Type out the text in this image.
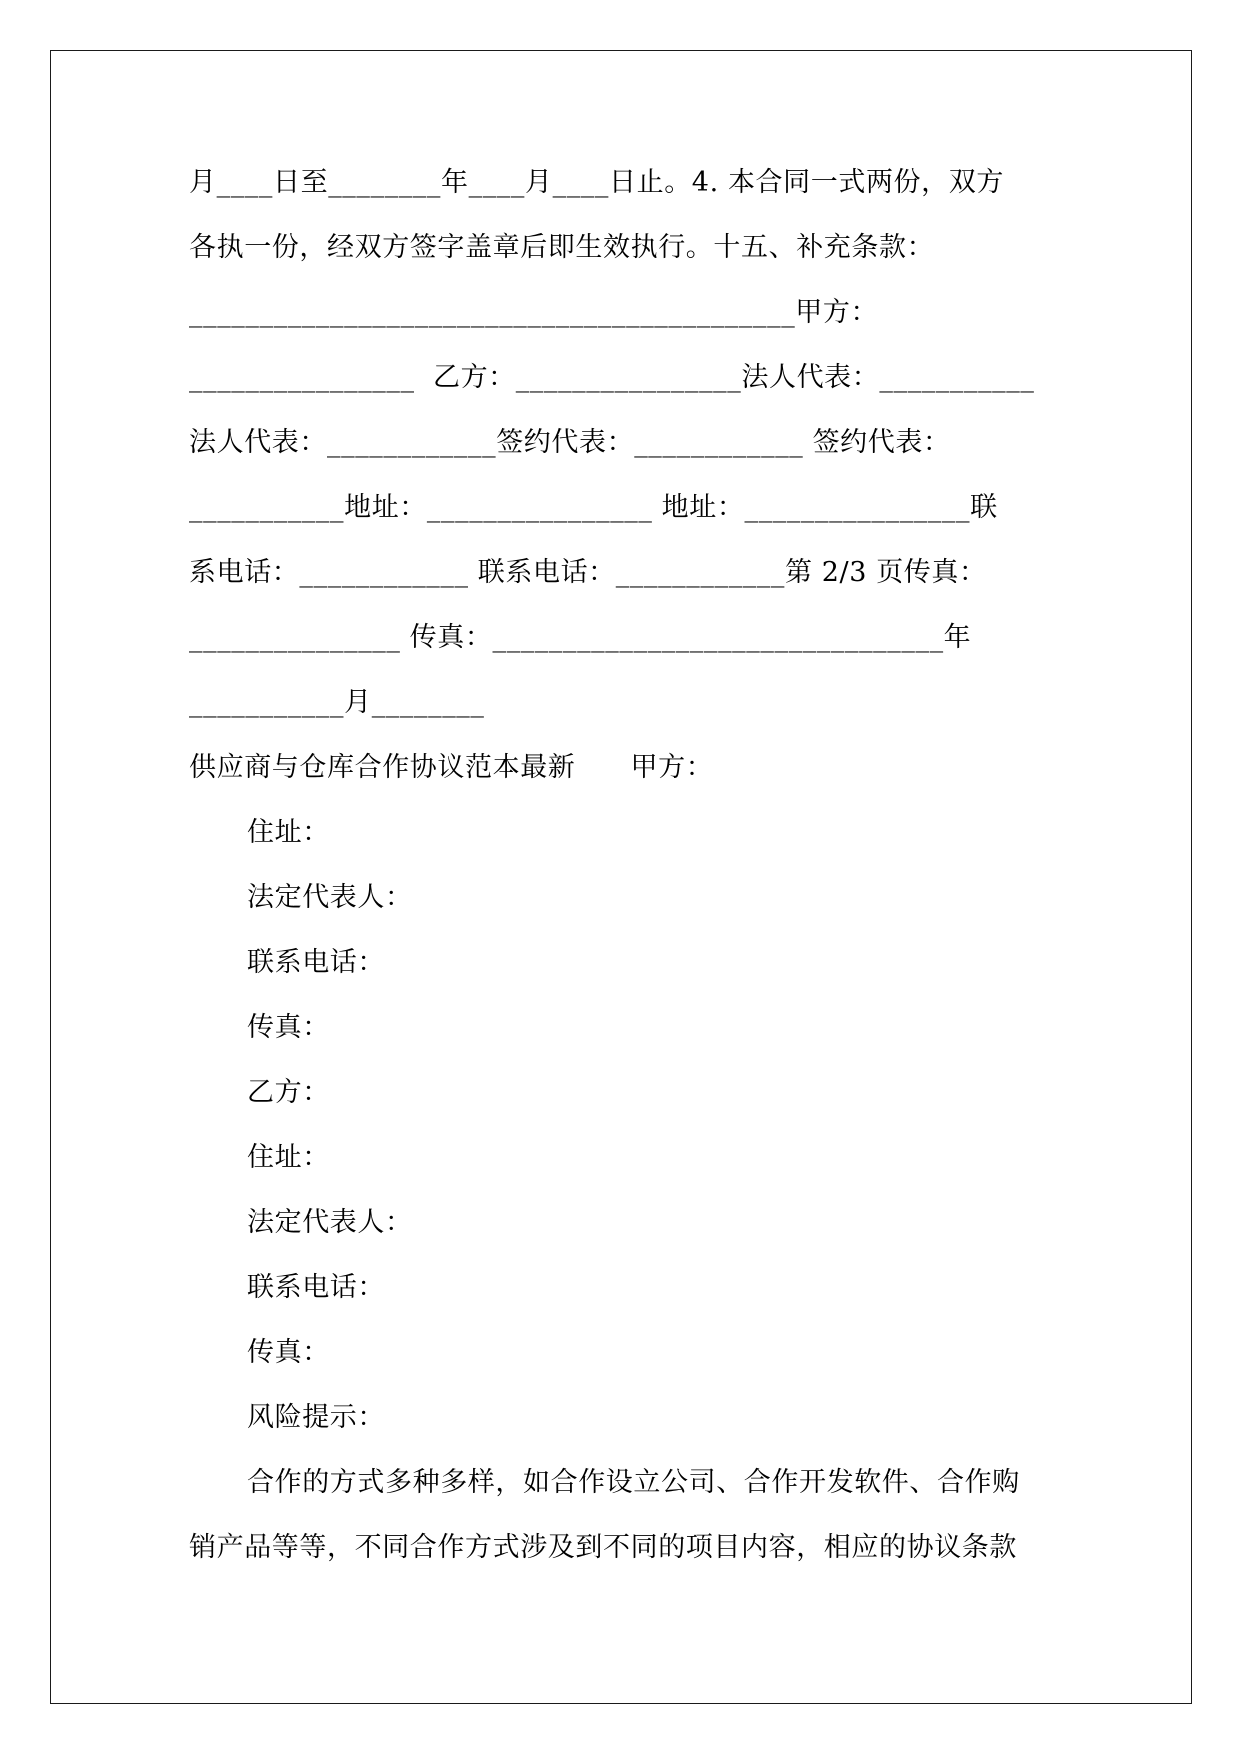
月____日至________年____月____日止。4. 本合同一式两份，双方
各执一份，经双方签字盖章后即生效执行。十五、补充条款：
___________________________________________甲方：
________________  乙方：________________法人代表：___________
法人代表：____________签约代表：____________ 签约代表：
___________地址：________________ 地址：________________联
系电话：____________ 联系电话：____________第 2/3 页传真：
_______________ 传真：________________________________年
___________月________
供应商与仓库合作协议范本最新      甲方：
住址：
法定代表人：
联系电话：
传真：
乙方：
住址：
法定代表人：
联系电话：
传真：
风险提示：
合作的方式多种多样，如合作设立公司、合作开发软件、合作购
销产品等等，不同合作方式涉及到不同的项目内容，相应的协议条款
